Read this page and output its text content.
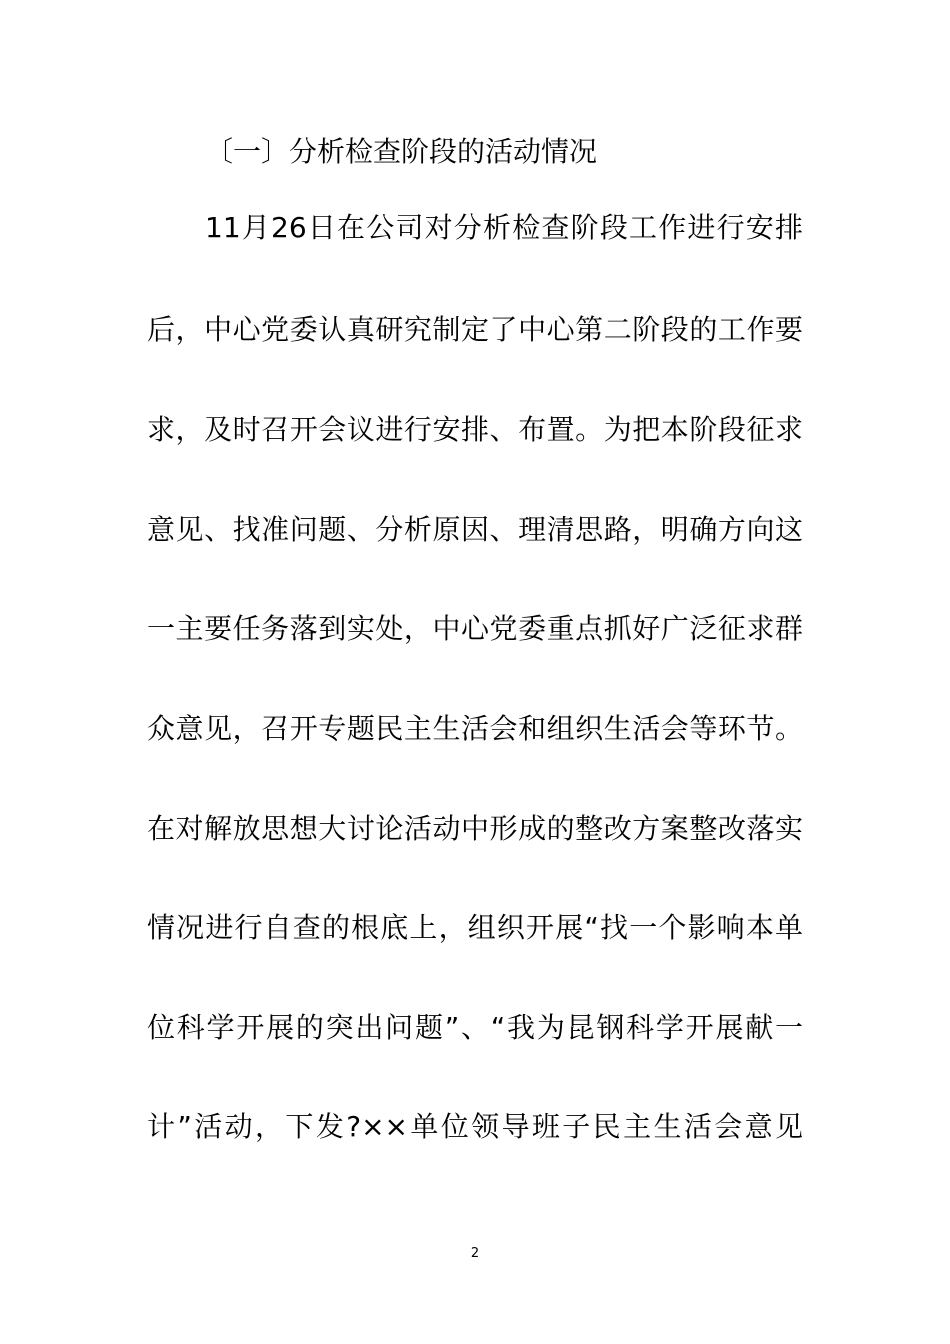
〔一〕分析检查阶段的活动情况
11月26日在公司对分析检查阶段工作进行安排
后，中心党委认真研究制定了中心第二阶段的工作要
求，及时召开会议进行安排、布置。为把本阶段征求
意见、找准问题、分析原因、理清思路，明确方向这
一主要任务落到实处，中心党委重点抓好广泛征求群
众意见，召开专题民主生活会和组织生活会等环节。
在对解放思想大讨论活动中形成的整改方案整改落实
情况进行自查的根底上，组织开展“找一个影响本单
位科学开展的突出问题”、“我为昆钢科学开展献一
计”活动，下发?××单位领导班子民主生活会意见
2
